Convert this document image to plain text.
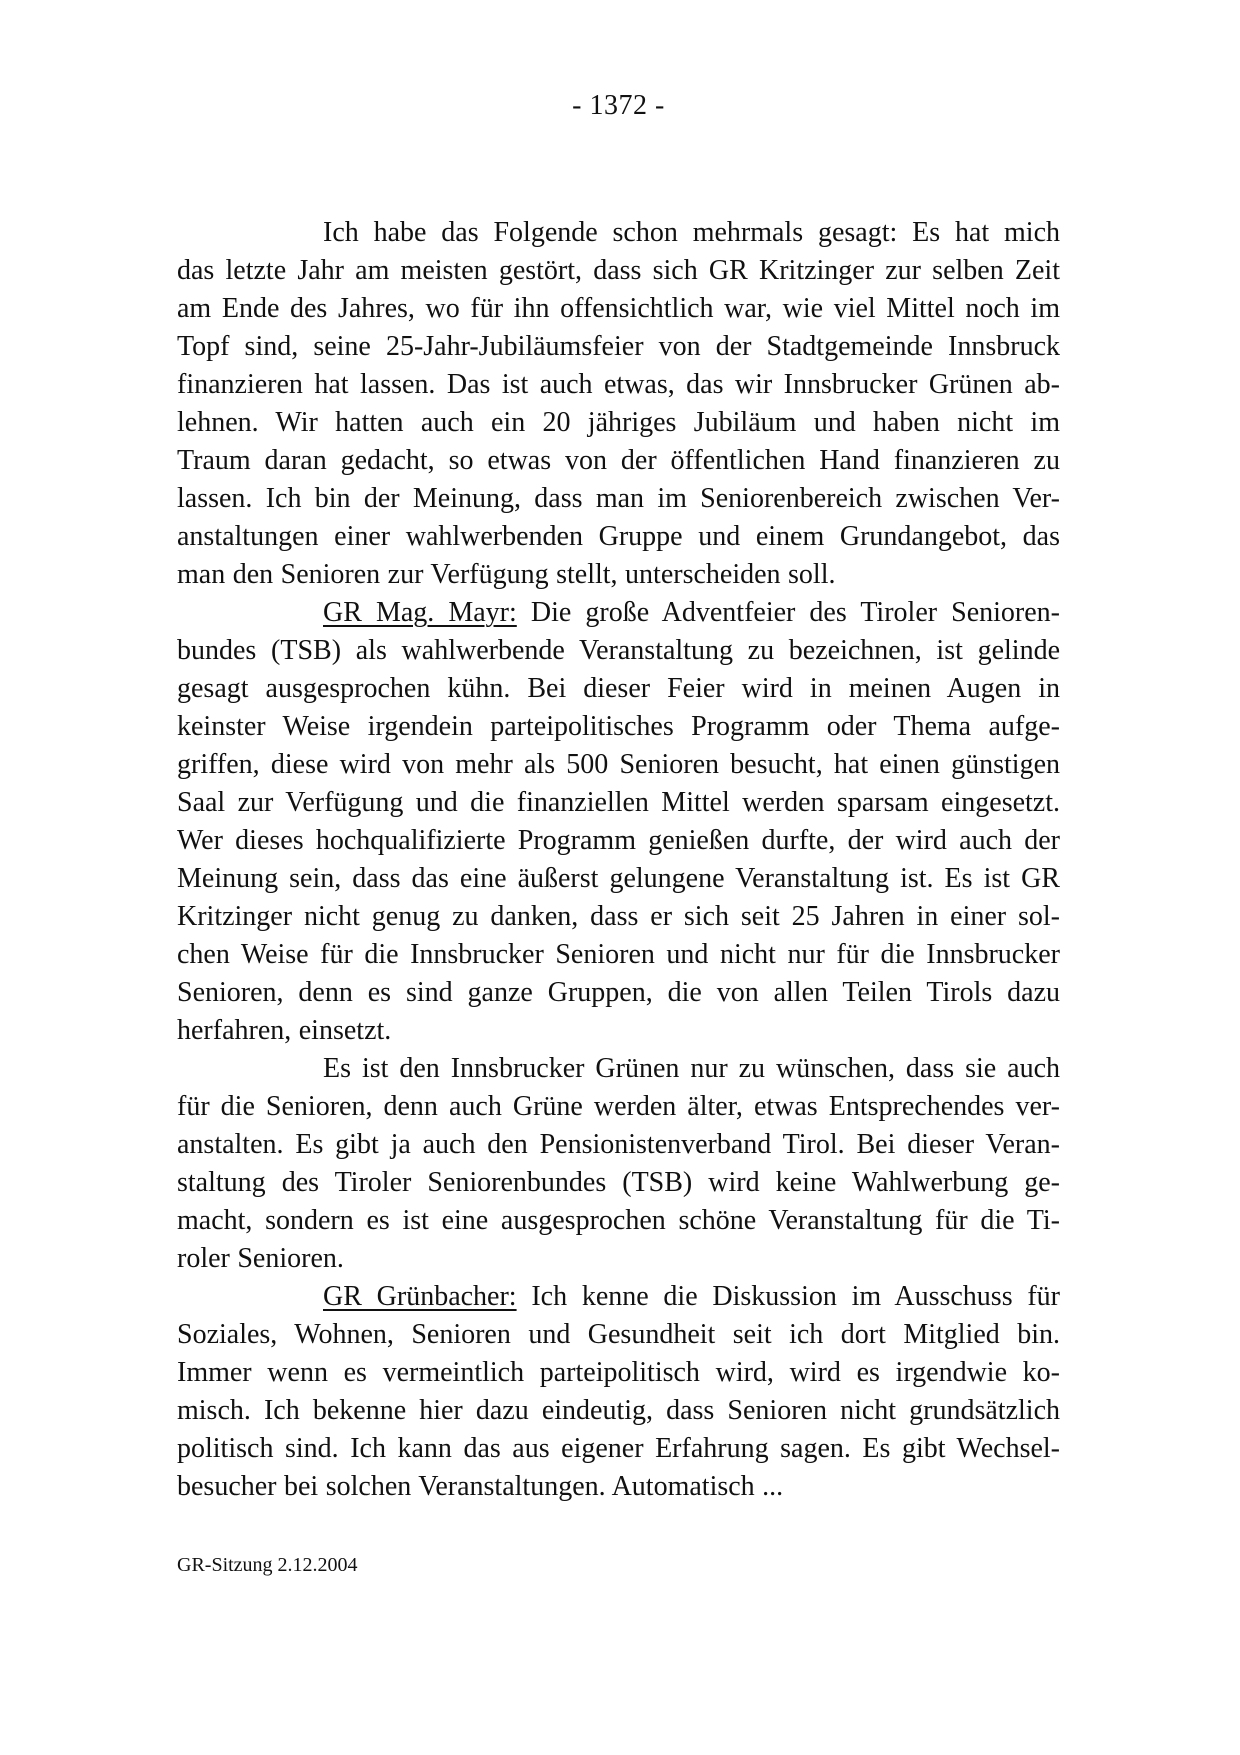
- 1372 -
Ich habe das Folgende schon mehrmals gesagt: Es hat mich
das letzte Jahr am meisten gestört, dass sich GR Kritzinger zur selben Zeit
am Ende des Jahres, wo für ihn offensichtlich war, wie viel Mittel noch im
Topf sind, seine 25-Jahr-Jubiläumsfeier von der Stadtgemeinde Innsbruck
finanzieren hat lassen. Das ist auch etwas, das wir Innsbrucker Grünen ab-
lehnen. Wir hatten auch ein 20 jähriges Jubiläum und haben nicht im
Traum daran gedacht, so etwas von der öffentlichen Hand finanzieren zu
lassen. Ich bin der Meinung, dass man im Seniorenbereich zwischen Ver-
anstaltungen einer wahlwerbenden Gruppe und einem Grundangebot, das
man den Senioren zur Verfügung stellt, unterscheiden soll.
GR Mag. Mayr: Die große Adventfeier des Tiroler Senioren-
bundes (TSB) als wahlwerbende Veranstaltung zu bezeichnen, ist gelinde
gesagt ausgesprochen kühn. Bei dieser Feier wird in meinen Augen in
keinster Weise irgendein parteipolitisches Programm oder Thema aufge-
griffen, diese wird von mehr als 500 Senioren besucht, hat einen günstigen
Saal zur Verfügung und die finanziellen Mittel werden sparsam eingesetzt.
Wer dieses hochqualifizierte Programm genießen durfte, der wird auch der
Meinung sein, dass das eine äußerst gelungene Veranstaltung ist. Es ist GR
Kritzinger nicht genug zu danken, dass er sich seit 25 Jahren in einer sol-
chen Weise für die Innsbrucker Senioren und nicht nur für die Innsbrucker
Senioren, denn es sind ganze Gruppen, die von allen Teilen Tirols dazu
herfahren, einsetzt.
Es ist den Innsbrucker Grünen nur zu wünschen, dass sie auch
für die Senioren, denn auch Grüne werden älter, etwas Entsprechendes ver-
anstalten. Es gibt ja auch den Pensionistenverband Tirol. Bei dieser Veran-
staltung des Tiroler Seniorenbundes (TSB) wird keine Wahlwerbung ge-
macht, sondern es ist eine ausgesprochen schöne Veranstaltung für die Ti-
roler Senioren.
GR Grünbacher: Ich kenne die Diskussion im Ausschuss für
Soziales, Wohnen, Senioren und Gesundheit seit ich dort Mitglied bin.
Immer wenn es vermeintlich parteipolitisch wird, wird es irgendwie ko-
misch. Ich bekenne hier dazu eindeutig, dass Senioren nicht grundsätzlich
politisch sind. Ich kann das aus eigener Erfahrung sagen. Es gibt Wechsel-
besucher bei solchen Veranstaltungen. Automatisch ...
GR-Sitzung 2.12.2004
